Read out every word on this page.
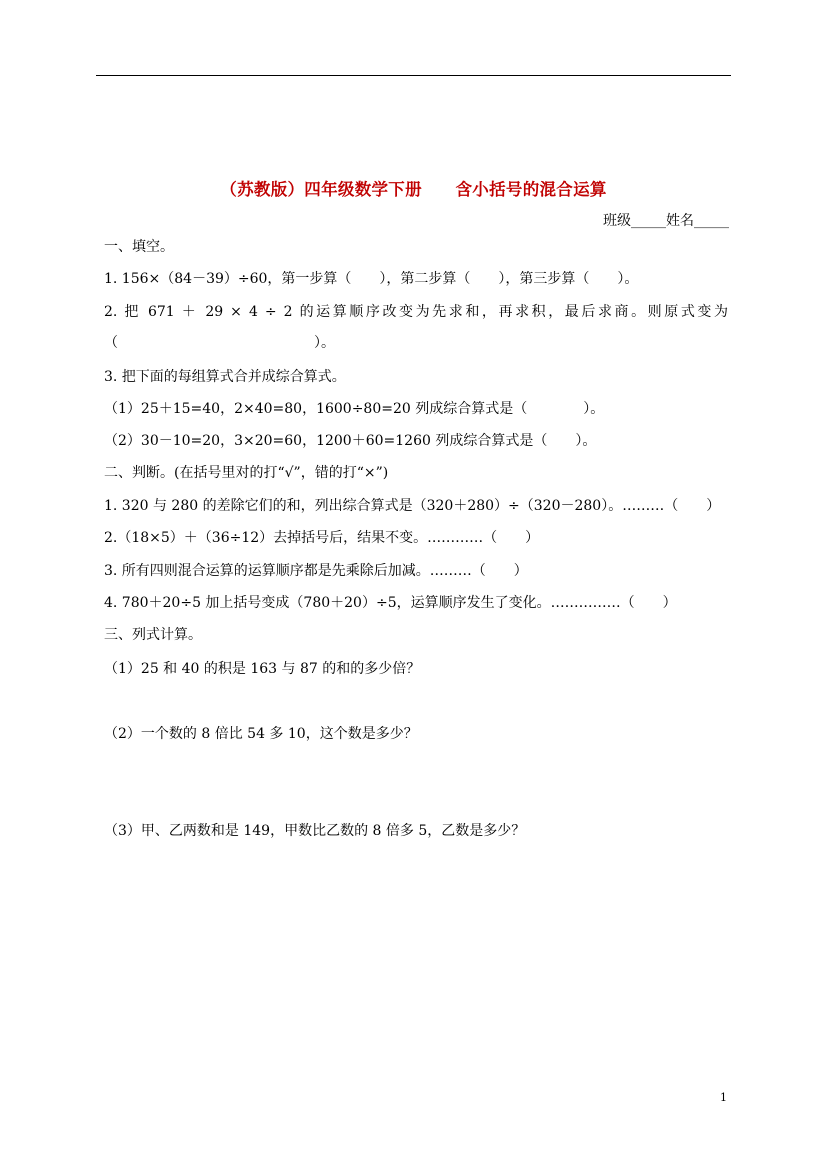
（苏教版）四年级数学下册　　含小括号的混合运算
班级_____姓名_____
一、填空。
1. 156×（84－39）÷60，第一步算（　　），第二步算（　　），第三步算（　　）。
2. 把 671 ＋ 29 × 4 ÷ 2 的运算顺序改变为先求和，再求积，最后求商。则原式变为
（　　　　　　　　　　　　　　）。
3. 把下面的每组算式合并成综合算式。
（1）25＋15=40，2×40=80，1600÷80=20 列成综合算式是（　　　　）。
（2）30－10=20，3×20=60，1200＋60=1260 列成综合算式是（　　）。
二、判断。(在括号里对的打“√”，错的打“×”)
1. 320 与 280 的差除它们的和，列出综合算式是（320＋280）÷（320－280）。………（　　）
2.（18×5）＋（36÷12）去掉括号后，结果不变。…………（　　）
3. 所有四则混合运算的运算顺序都是先乘除后加减。………（　　）
4. 780＋20÷5 加上括号变成（780＋20）÷5，运算顺序发生了变化。……………（　　）
三、列式计算。
（1）25 和 40 的积是 163 与 87 的和的多少倍？
（2）一个数的 8 倍比 54 多 10，这个数是多少？
（3）甲、乙两数和是 149，甲数比乙数的 8 倍多 5，乙数是多少？
1
